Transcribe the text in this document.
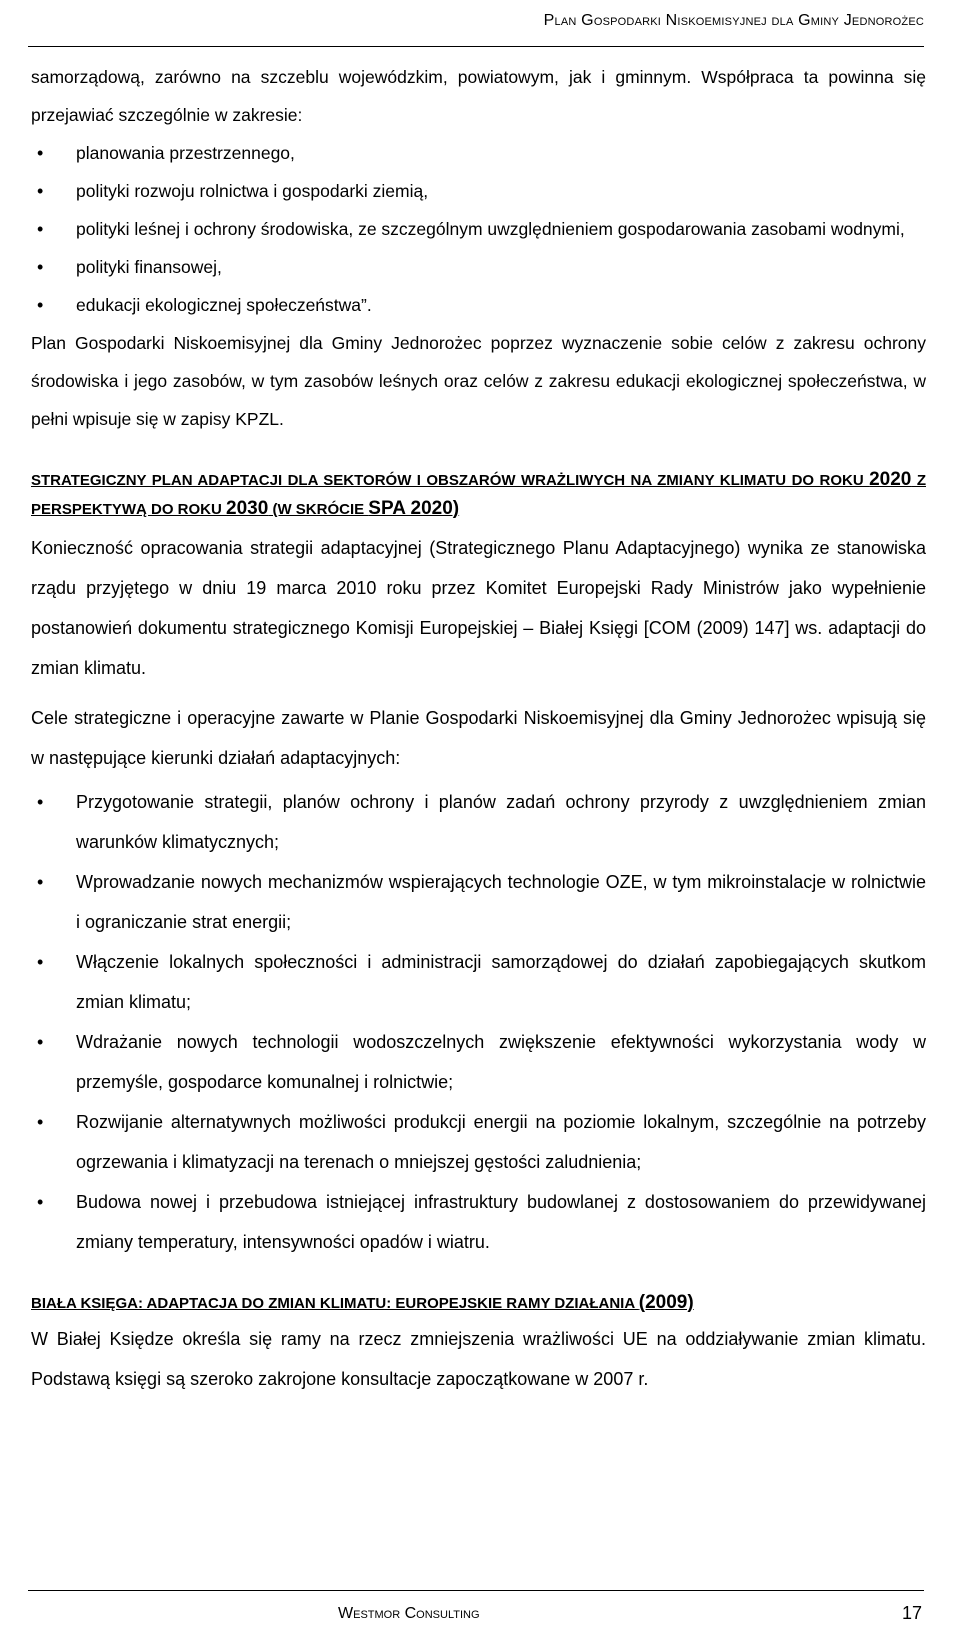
Plan Gospodarki Niskoemisyjnej dla Gminy Jednorożec

samorządową, zarówno na szczeblu wojewódzkim, powiatowym, jak i gminnym. Współpraca ta powinna się przejawiać szczególnie w zakresie:

• planowania przestrzennego,
• polityki rozwoju rolnictwa i gospodarki ziemią,
• polityki leśnej i ochrony środowiska, ze szczególnym uwzględnieniem gospodarowania zasobami wodnymi,
• polityki finansowej,
• edukacji ekologicznej społeczeństwa”.

Plan Gospodarki Niskoemisyjnej dla Gminy Jednorożec poprzez wyznaczenie sobie celów z zakresu ochrony środowiska i jego zasobów, w tym zasobów leśnych oraz celów z zakresu edukacji ekologicznej społeczeństwa, w pełni wpisuje się w zapisy KPZL.

STRATEGICZNY PLAN ADAPTACJI DLA SEKTORÓW I OBSZARÓW WRAŻLIWYCH NA ZMIANY KLIMATU DO ROKU 2020 Z PERSPEKTYWĄ DO ROKU 2030 (W SKRÓCIE SPA 2020)

Konieczność opracowania strategii adaptacyjnej (Strategicznego Planu Adaptacyjnego) wynika ze stanowiska rządu przyjętego w dniu 19 marca 2010 roku przez Komitet Europejski Rady Ministrów jako wypełnienie postanowień dokumentu strategicznego Komisji Europejskiej – Białej Księgi [COM (2009) 147] ws. adaptacji do zmian klimatu.

Cele strategiczne i operacyjne zawarte w Planie Gospodarki Niskoemisyjnej dla Gminy Jednorożec wpisują się w następujące kierunki działań adaptacyjnych:

• Przygotowanie strategii, planów ochrony i planów zadań ochrony przyrody z uwzględnieniem zmian warunków klimatycznych;
• Wprowadzanie nowych mechanizmów wspierających technologie OZE, w tym mikroinstalacje w rolnictwie i ograniczanie strat energii;
• Włączenie lokalnych społeczności i administracji samorządowej do działań zapobiegających skutkom zmian klimatu;
• Wdrażanie nowych technologii wodoszczelnych zwiększenie efektywności wykorzystania wody w przemyśle, gospodarce komunalnej i rolnictwie;
• Rozwijanie alternatywnych możliwości produkcji energii na poziomie lokalnym, szczególnie na potrzeby ogrzewania i klimatyzacji na terenach o mniejszej gęstości zaludnienia;
• Budowa nowej i przebudowa istniejącej infrastruktury budowlanej z dostosowaniem do przewidywanej zmiany temperatury, intensywności opadów i wiatru.
BIAŁA KSIĘGA: ADAPTACJA DO ZMIAN KLIMATU: EUROPEJSKIE RAMY DZIAŁANIA (2009)

W Białej Księdze określa się ramy na rzecz zmniejszenia wrażliwości UE na oddziaływanie zmian klimatu. Podstawą księgi są szeroko zakrojone konsultacje zapoczątkowane w 2007 r.

Westmor Consulting	17
